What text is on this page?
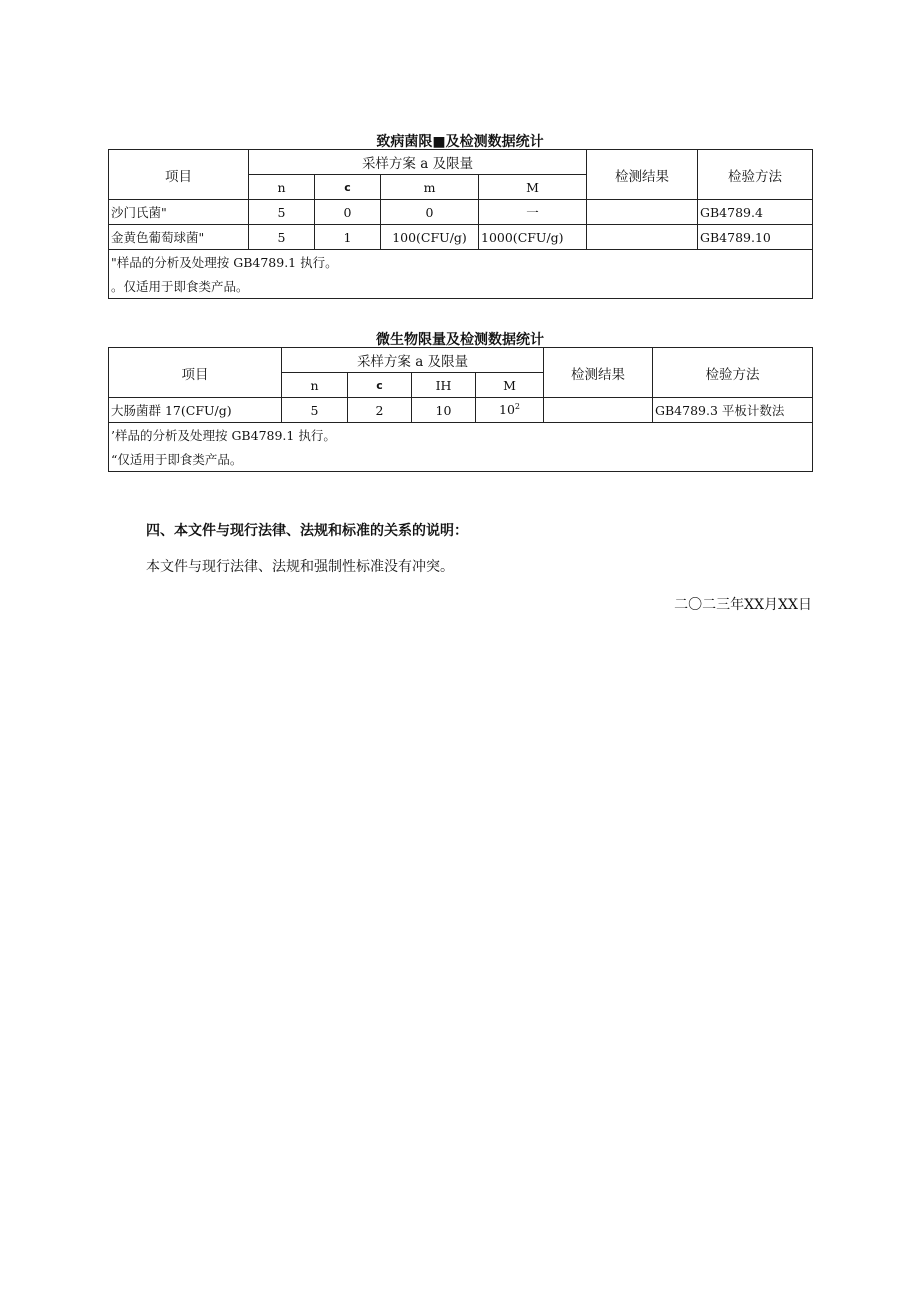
致病菌限■及检测数据统计
项目	采样方案 a 及限量				检测结果	检验方法
	n	c	m	M		
沙门氏菌"	5	0	0	一		GB4789.4
金黄色葡萄球菌"	5	1	100(CFU/g)	1000(CFU/g)		GB4789.10
"样品的分析及处理按 GB4789.1 执行。						
。仅适用于即食类产品。						
微生物限量及检测数据统计
项目	采样方案 a 及限量				检测结果	检验方法
	n	c	IH	M		
大肠菌群 17(CFU/g)	5	2	10	$10^2$		GB4789.3 平板计数法
’样品的分析及处理按 GB4789.1 执行。						
“仅适用于即食类产品。						
四、本文件与现行法律、法规和标准的关系的说明：
本文件与现行法律、法规和强制性标准没有冲突。
二〇二三年XX月XX日
